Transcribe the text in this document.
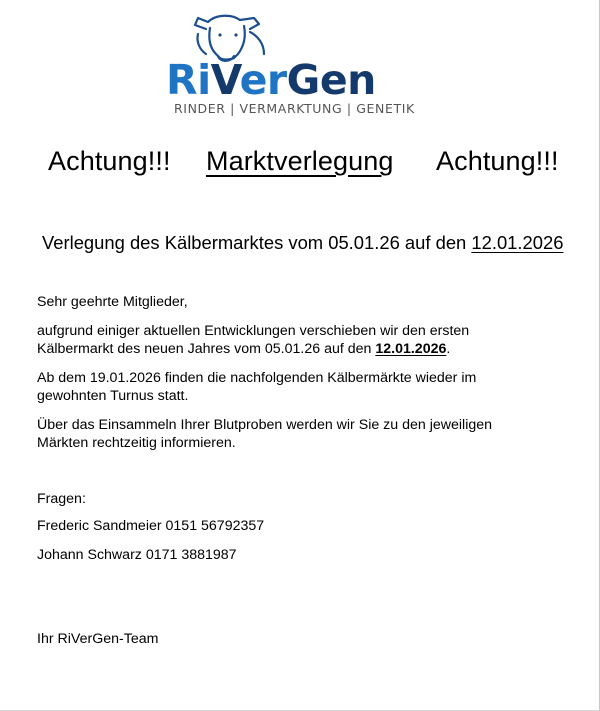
RiVerGen
RINDER | VERMARKTUNG | GENETIK
Achtung!!! Marktverlegung Achtung!!!
Verlegung des Kälbermarktes vom 05.01.26 auf den 12.01.2026
Sehr geehrte Mitglieder,
aufgrund einiger aktuellen Entwicklungen verschieben wir den ersten
Kälbermarkt des neuen Jahres vom 05.01.26 auf den 12.01.2026.
Ab dem 19.01.2026 finden die nachfolgenden Kälbermärkte wieder im
gewohnten Turnus statt.
Über das Einsammeln Ihrer Blutproben werden wir Sie zu den jeweiligen
Märkten rechtzeitig informieren.
Fragen:
Frederic Sandmeier 0151 56792357
Johann Schwarz 0171 3881987
Ihr RiVerGen-Team
